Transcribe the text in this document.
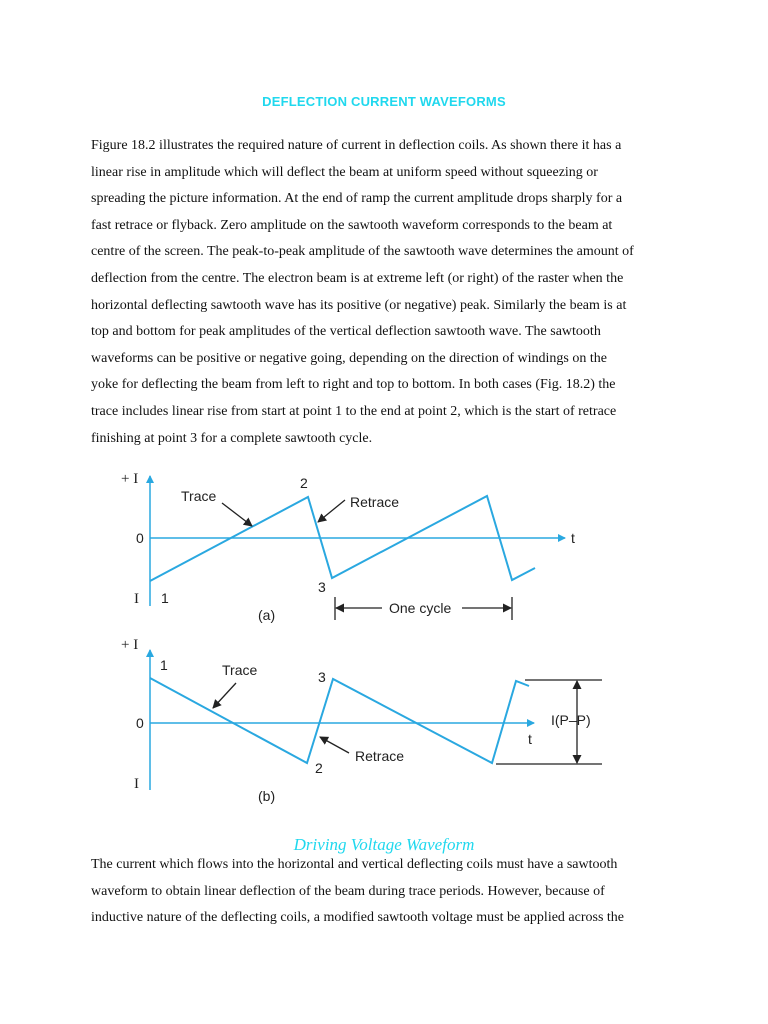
DEFLECTION CURRENT WAVEFORMS
Figure 18.2 illustrates the required nature of current in deflection coils. As shown there it has a
linear rise in amplitude which will deflect the beam at uniform speed without squeezing or
spreading the picture information. At the end of ramp the current amplitude drops sharply for a
fast retrace or flyback. Zero amplitude on the sawtooth waveform corresponds to the beam at
centre of the screen. The peak-to-peak amplitude of the sawtooth wave determines the amount of
deflection from the centre. The electron beam is at extreme left (or right) of the raster when the
horizontal deflecting sawtooth wave has its positive (or negative) peak. Similarly the beam is at
top and bottom for peak amplitudes of the vertical deflection sawtooth wave. The sawtooth
waveforms can be positive or negative going, depending on the direction of windings on the
yoke for deflecting the beam from left to right and top to bottom. In both cases (Fig. 18.2) the
trace includes linear rise from start at point 1 to the end at point 2, which is the start of retrace
finishing at point 3 for a complete sawtooth cycle.
+ I
0
I
t
1
2
3
Trace	Retrace
One cycle
(a)
+ I
0
I
t
1
2
3
Trace
Retrace
I(P–P)
(b)
Driving Voltage Waveform
The current which flows into the horizontal and vertical deflecting coils must have a sawtooth
waveform to obtain linear deflection of the beam during trace periods. However, because of
inductive nature of the deflecting coils, a modified sawtooth voltage must be applied across the
